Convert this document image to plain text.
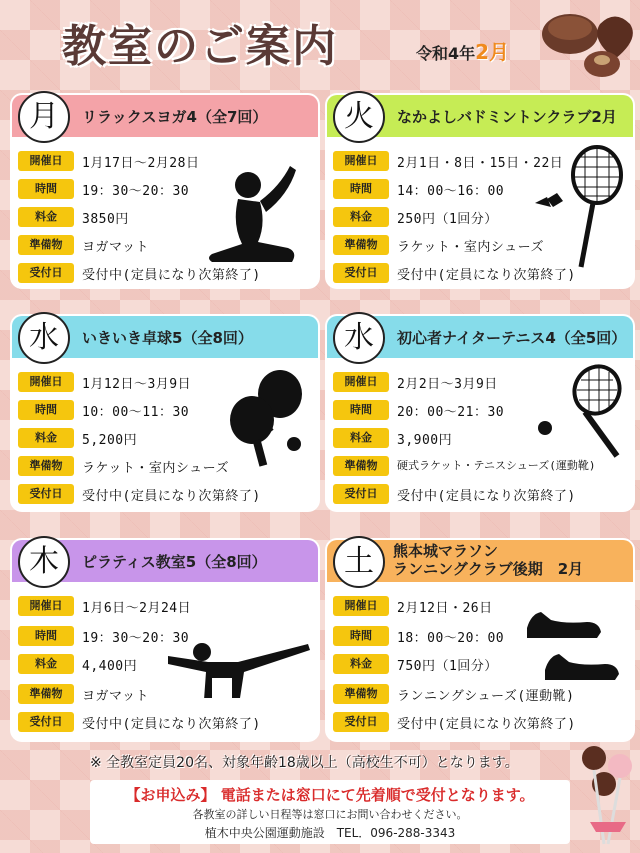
教室のご案内	令和4年2月
月	リラックスヨガ4（全7回）
開催日	1月17日～2月28日
時間	19：30～20：30
料金	3850円
準備物	ヨガマット
受付日	受付中(定員になり次第終了)
火	なかよしバドミントンクラブ2月
開催日	2月1日・8日・15日・22日
時間	14：00～16：00
料金	250円（1回分）
準備物	ラケット・室内シューズ
受付日	受付中(定員になり次第終了)
水	いきいき卓球5（全8回）
開催日	1月12日～3月9日
時間	10：00～11：30
料金	5,200円
準備物	ラケット・室内シューズ
受付日	受付中(定員になり次第終了)
水	初心者ナイターテニス4（全5回）
開催日	2月2日～3月9日
時間	20：00～21：30
料金	3,900円
準備物	硬式ラケット・テニスシューズ(運動靴)
受付日	受付中(定員になり次第終了)
木	ピラティス教室5（全8回）
開催日	1月6日～2月24日
時間	19：30～20：30
料金	4,400円
準備物	ヨガマット
受付日	受付中(定員になり次第終了)
土	熊本城マラソン
ランニングクラブ後期　2月
開催日	2月12日・26日
時間	18：00～20：00
料金	750円（1回分）
準備物	ランニングシューズ(運動靴)
受付日	受付中(定員になり次第終了)
※ 全教室定員20名、対象年齢18歳以上（高校生不可）となります。
【お申込み】 電話または窓口にて先着順で受付となります。
各教室の詳しい日程等は窓口にお問い合わせください。
植木中央公園運動施設　TEL．096-288-3343
